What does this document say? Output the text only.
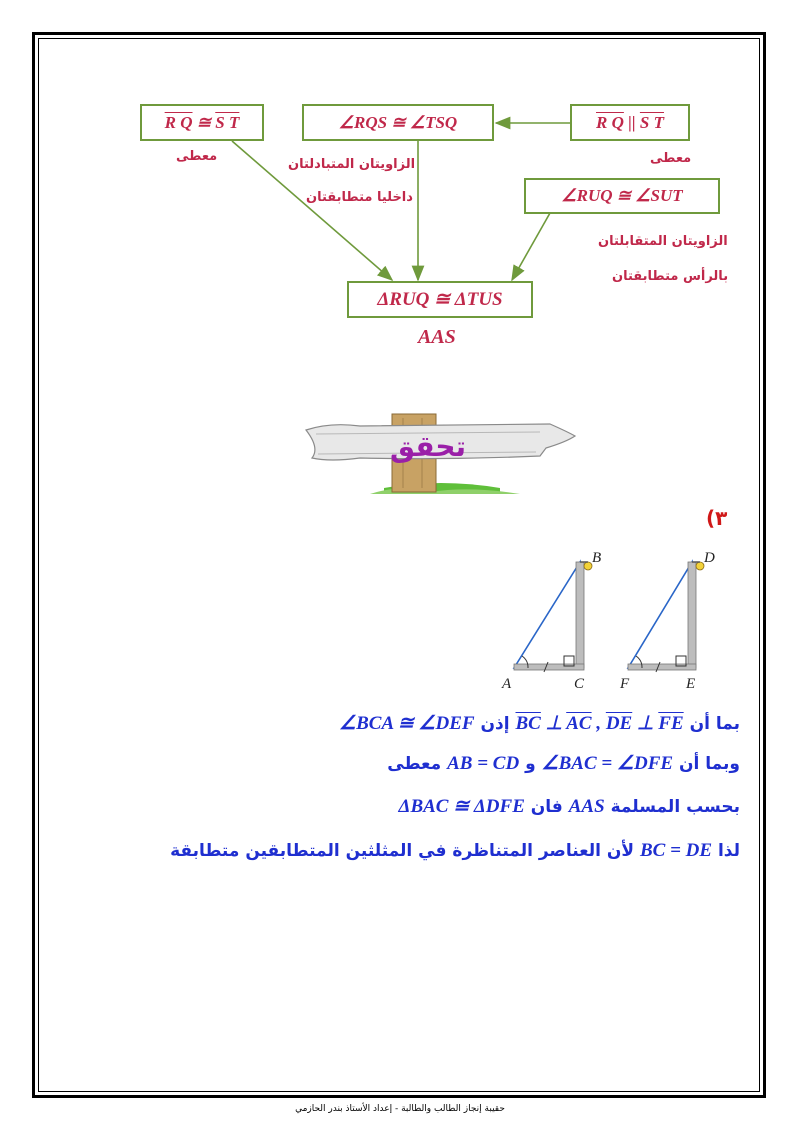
R Q
≅
S T	∠RQS ≅ ∠TSQ	R Q
||
S T
∠RUQ ≅ ∠SUT
ΔRUQ ≅ ΔTUS
معطى	معطى
الزاويتان المتبادلتان
داخليا متطابقتان
الزاويتان المتقابلتان
بالرأس متطابقتان
AAS
تحقق
(٣
B
A	C
D
F	E
بما أن $\overline{BC}$ ⊥ $\overline{AC}$ , $\overline{DE}$ ⊥ $\overline{FE}$ إذن ∠BCA ≅ ∠DEF
وبما أن ∠BAC = ∠DFE و AB = CD معطى
بحسب المسلمة AAS فان ΔBAC ≅ ΔDFE
لذا BC = DE لأن العناصر المتناظرة في المثلثين المتطابقين متطابقة
حقيبة إنجاز الطالب والطالبة - إعداد الأستاذ بندر الحازمي
